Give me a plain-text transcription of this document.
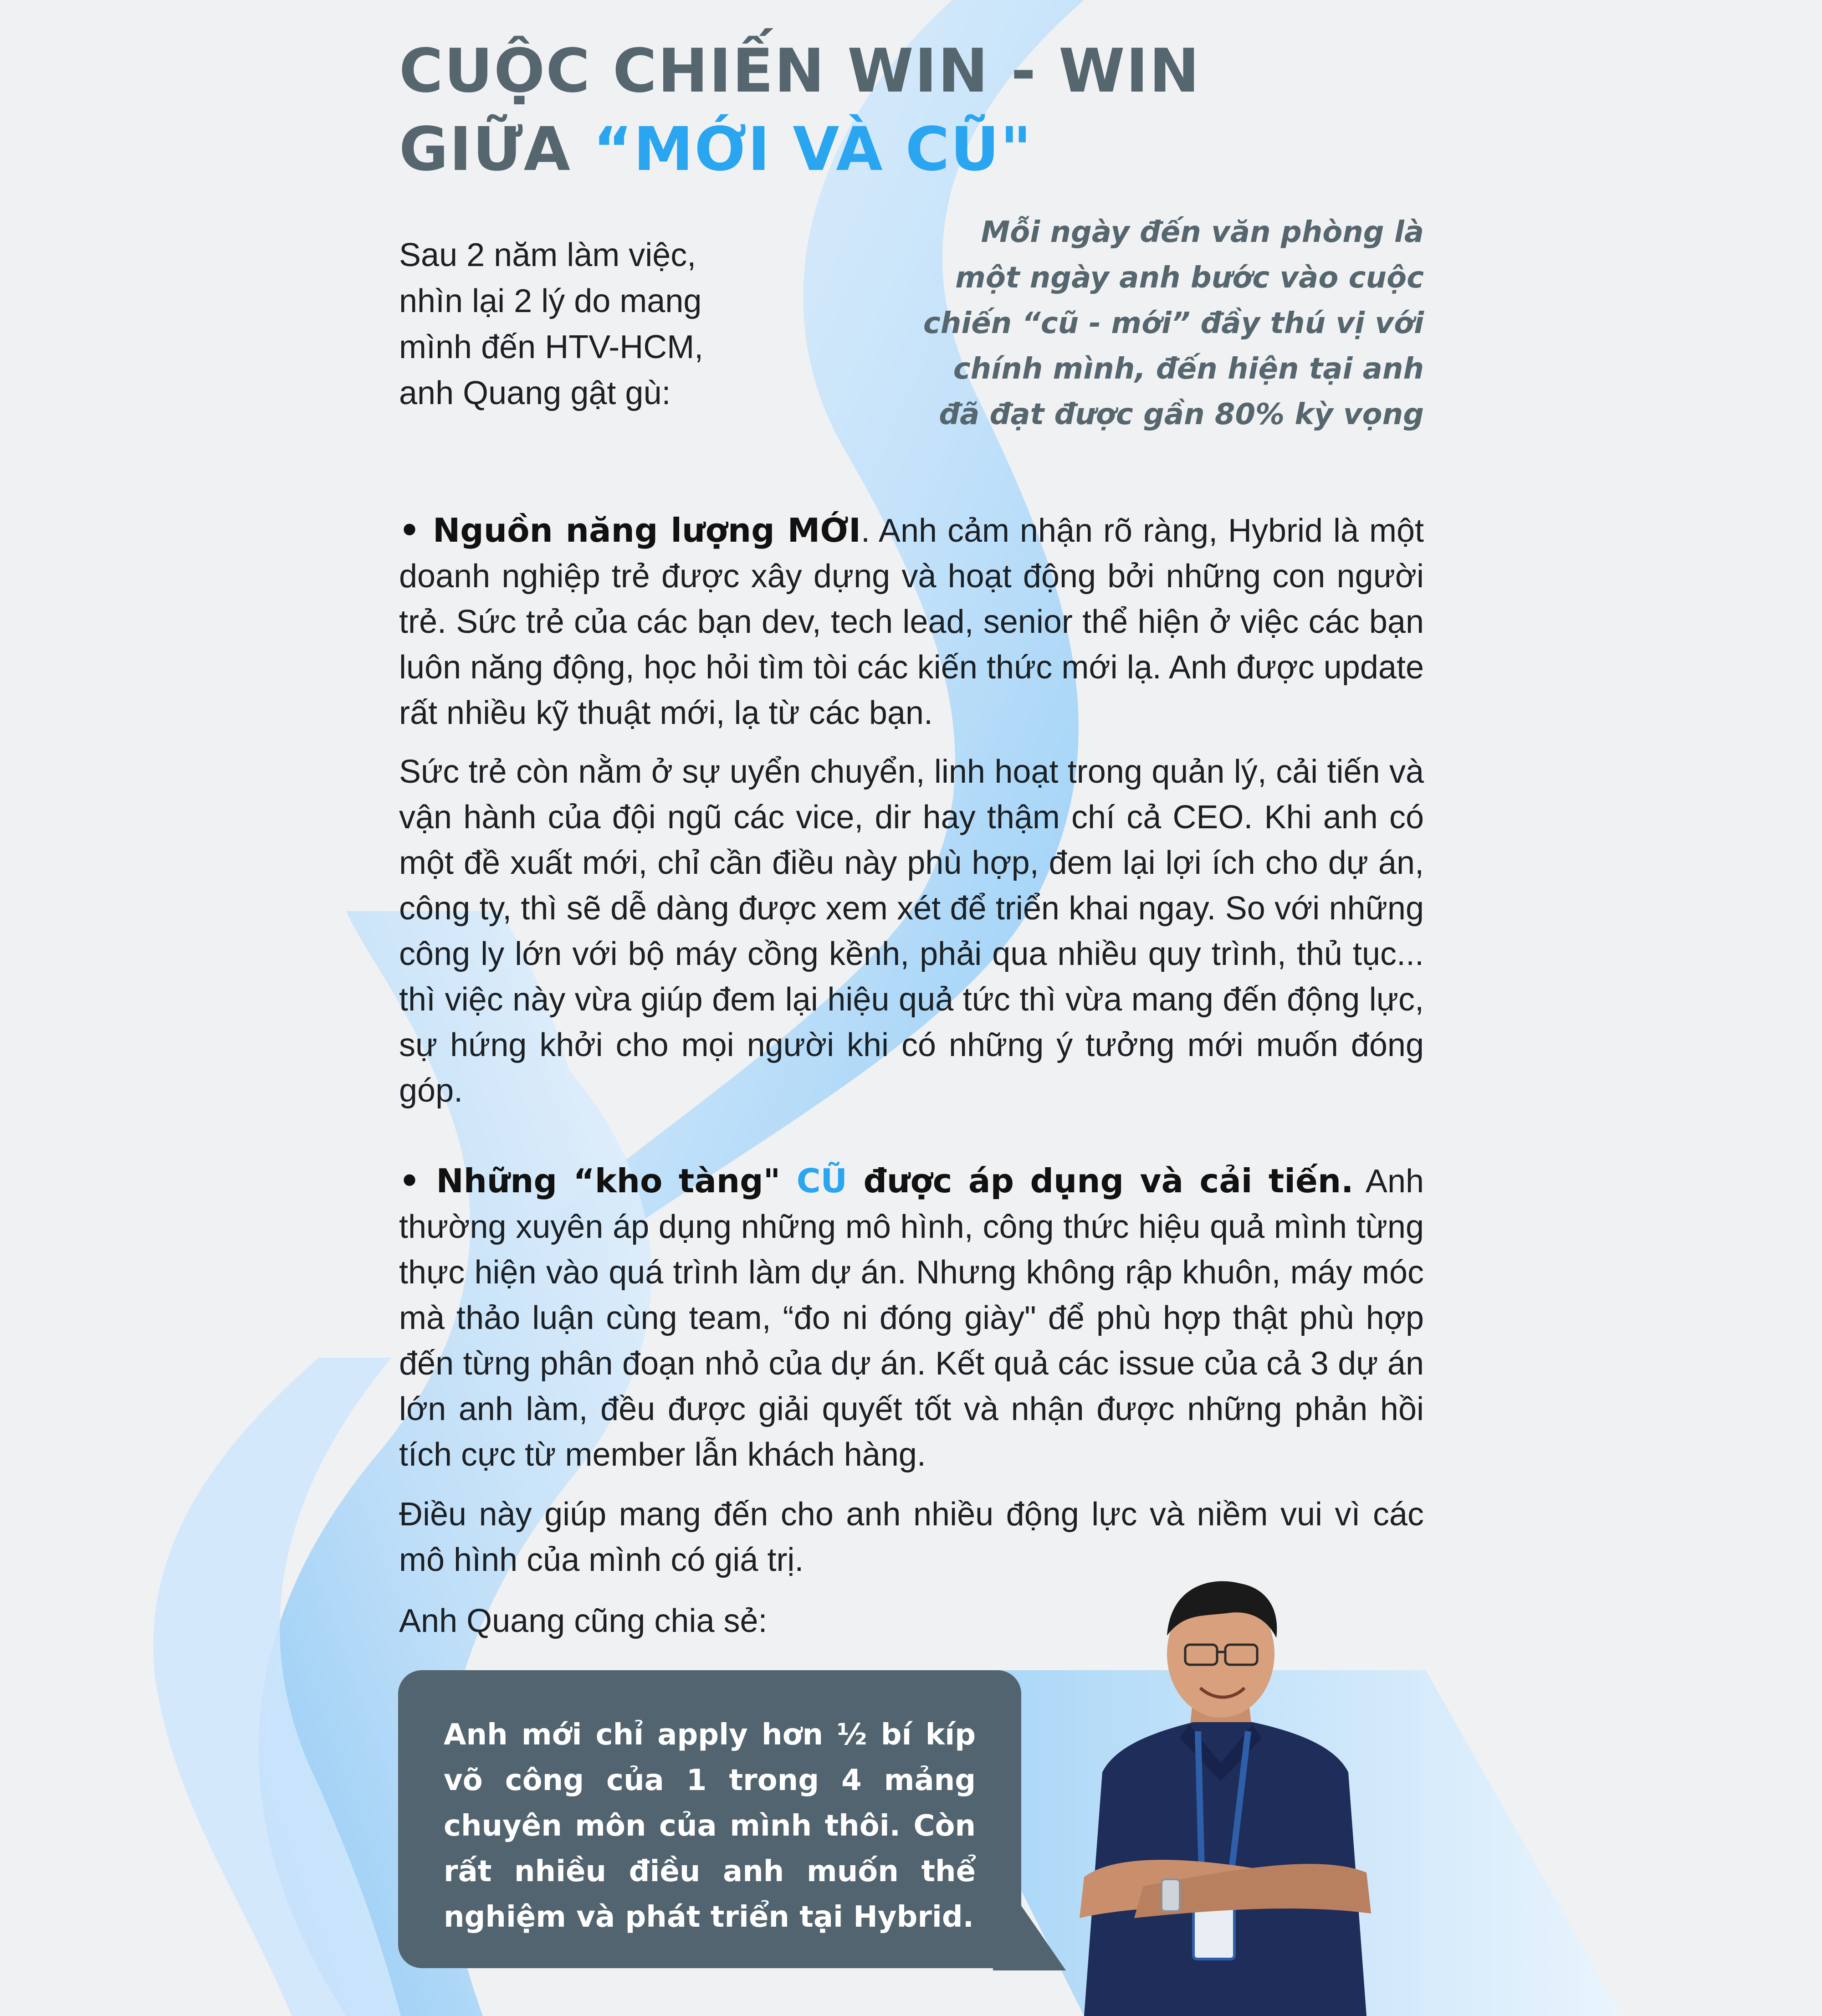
CUỘC CHIẾN WIN - WIN
GIỮA “MỚI VÀ CŨ"
Sau 2 năm làm việc,
nhìn lại 2 lý do mang
mình đến HTV-HCM,
anh Quang gật gù:
Mỗi ngày đến văn phòng là
một ngày anh bước vào cuộc
chiến “cũ - mới” đầy thú vị với
chính mình, đến hiện tại anh
đã đạt được gần 80% kỳ vọng

• Nguồn năng lượng MỚI. Anh cảm nhận rõ ràng, Hybrid là một doanh nghiệp trẻ được xây dựng và hoạt động bởi những con người trẻ. Sức trẻ của các bạn dev, tech lead, senior thể hiện ở việc các bạn luôn năng động, học hỏi tìm tòi các kiến thức mới lạ. Anh được update rất nhiều kỹ thuật mới, lạ từ các bạn.

Sức trẻ còn nằm ở sự uyển chuyển, linh hoạt trong quản lý, cải tiến và vận hành của đội ngũ các vice, dir hay thậm chí cả CEO. Khi anh có một đề xuất mới, chỉ cần điều này phù hợp, đem lại lợi ích cho dự án, công ty, thì sẽ dễ dàng được xem xét để triển khai ngay. So với những công ly lớn với bộ máy cồng kềnh, phải qua nhiều quy trình, thủ tục... thì việc này vừa giúp đem lại hiệu quả tức thì vừa mang đến động lực, sự hứng khởi cho mọi người khi có những ý tưởng mới muốn đóng góp.

• Những “kho tàng" CŨ được áp dụng và cải tiến. Anh thường xuyên áp dụng những mô hình, công thức hiệu quả mình từng thực hiện vào quá trình làm dự án. Nhưng không rập khuôn, máy móc mà thảo luận cùng team, “đo ni đóng giày" để phù hợp thật phù hợp đến từng phân đoạn nhỏ của dự án. Kết quả các issue của cả 3 dự án lớn anh làm, đều được giải quyết tốt và nhận được những phản hồi tích cực từ member lẫn khách hàng.

Điều này giúp mang đến cho anh nhiều động lực và niềm vui vì các mô hình của mình có giá trị.

Anh Quang cũng chia sẻ:

Anh mới chỉ apply hơn ½ bí kíp võ công của 1 trong 4 mảng chuyên môn của mình thôi. Còn rất nhiều điều anh muốn thể nghiệm và phát triển tại Hybrid.
